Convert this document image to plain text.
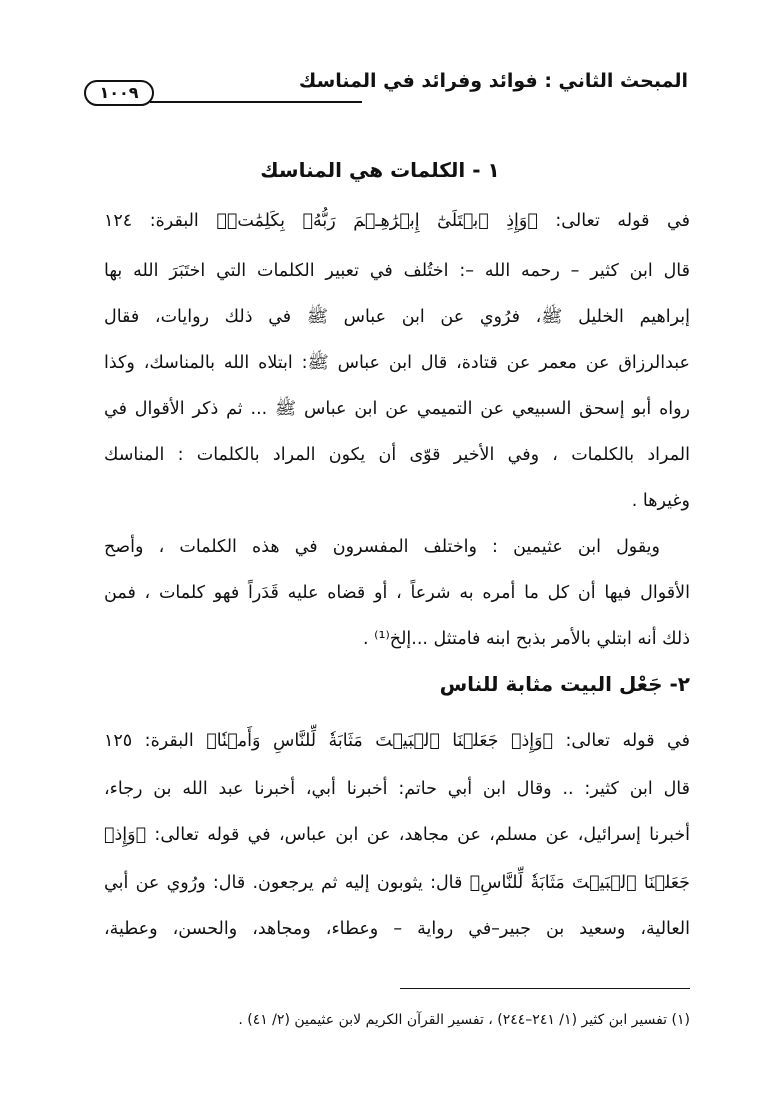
المبحث الثاني : فوائد وفرائد في المناسك
١٠٠٩
١ - الكلمات هي المناسك
في قوله تعالى: ﴿وَإِذِ ٱبۡتَلَىٰٓ إِبۡرَٰهِـۧمَ رَبُّهُۥ بِكَلِمَٰتٖ﴾ البقرة: ١٢٤
قال ابن كثير – رحمه الله –: اختُلف في تعبير الكلمات التي اختَبَرَ الله بها
إبراهيم الخليل ﷺ، فرُوي عن ابن عباس ﷺ في ذلك روايات، فقال
عبدالرزاق عن معمر عن قتادة، قال ابن عباس ﷺ: ابتلاه الله بالمناسك، وكذا
رواه أبو إسحق السبيعي عن التميمي عن ابن عباس ﷺ ... ثم ذكر الأقوال في
المراد بالكلمات ، وفي الأخير قوّى أن يكون المراد بالكلمات : المناسك
وغيرها .
ويقول ابن عثيمين : واختلف المفسرون في هذه الكلمات ، وأصح
الأقوال فيها أن كل ما أمره به شرعاً ، أو قضاه عليه قَدَراً فهو كلمات ، فمن
ذلك أنه ابتلي بالأمر بذبح ابنه فامتثل ...إلخ⁽¹⁾ .
٢- جَعْل البيت مثابة للناس
في قوله تعالى: ﴿وَإِذۡ جَعَلۡنَا ٱلۡبَيۡتَ مَثَابَةٗ لِّلنَّاسِ وَأَمۡنٗا﴾ البقرة: ١٢٥
قال ابن كثير: .. وقال ابن أبي حاتم: أخبرنا أبي، أخبرنا عبد الله بن رجاء،
أخبرنا إسرائيل، عن مسلم، عن مجاهد، عن ابن عباس، في قوله تعالى: ﴿وَإِذۡ
جَعَلۡنَا ٱلۡبَيۡتَ مَثَابَةٗ لِّلنَّاسِ﴾ قال: يثوبون إليه ثم يرجعون. قال: ورُوي عن أبي
العالية، وسعيد بن جبير–في رواية – وعطاء، ومجاهد، والحسن، وعطية،
(١) تفسير ابن كثير (١/ ٢٤١–٢٤٤) ، تفسير القرآن الكريم لابن عثيمين (٢/ ٤١) .
